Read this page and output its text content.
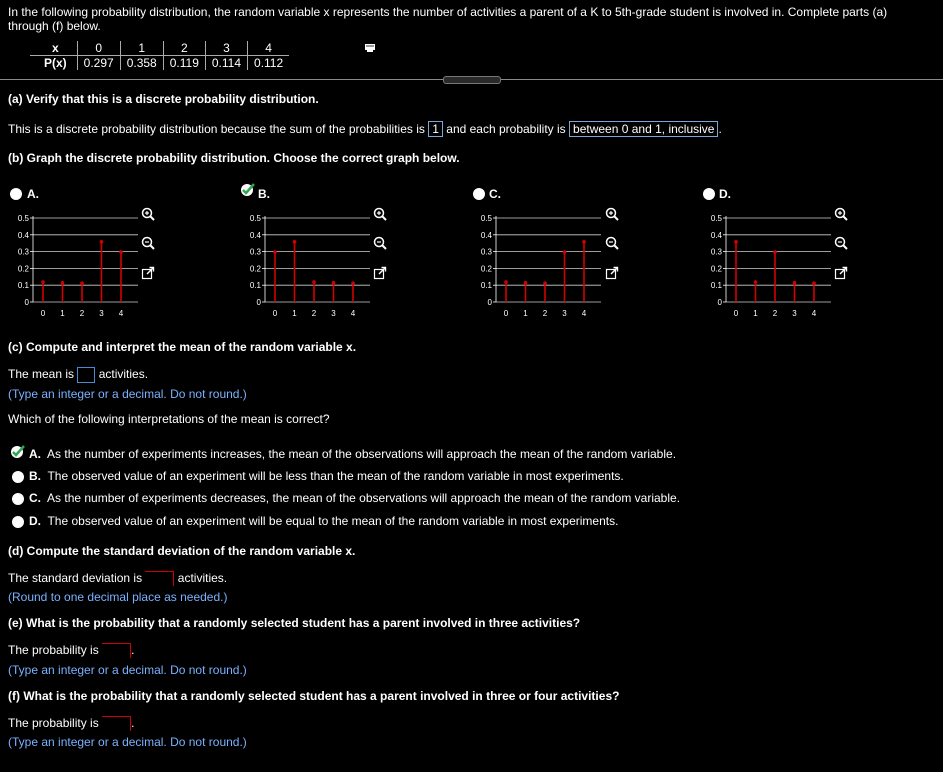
In the following probability distribution, the random variable x represents the number of activities a parent of a K to 5th-grade student is involved in. Complete parts (a) through (f) below.
x	0	1	2	3	4
P(x)	0.297	0.358	0.119	0.114	0.112
(a) Verify that this is a discrete probability distribution.
This is a discrete probability distribution because the sum of the probabilities is 1 and each probability is between 0 and 1, inclusive .
(b) Graph the discrete probability distribution. Choose the correct graph below.
A.	B.	C.	D.
0
0.1
0.2
0.3
0.4
0.5
0 1 2 3 4
0
0.1
0.2
0.3
0.4
0.5
0 1 2 3 4
0
0.1
0.2
0.3
0.4
0.5
0 1 2 3 4
0
0.1
0.2
0.3
0.4
0.5
0 1 2 3 4
(c) Compute and interpret the mean of the random variable x.
The mean is activities.
(Type an integer or a decimal. Do not round.)
Which of the following interpretations of the mean is correct?
A. As the number of experiments increases, the mean of the observations will approach the mean of the random variable.
B. The observed value of an experiment will be less than the mean of the random variable in most experiments.
C. As the number of experiments decreases, the mean of the observations will approach the mean of the random variable.
D. The observed value of an experiment will be equal to the mean of the random variable in most experiments.
(d) Compute the standard deviation of the random variable x.
The standard deviation is	activities.
(Round to one decimal place as needed.)
(e) What is the probability that a randomly selected student has a parent involved in three activities?
The probability is	.
(Type an integer or a decimal. Do not round.)
(f) What is the probability that a randomly selected student has a parent involved in three or four activities?
The probability is	.
(Type an integer or a decimal. Do not round.)
